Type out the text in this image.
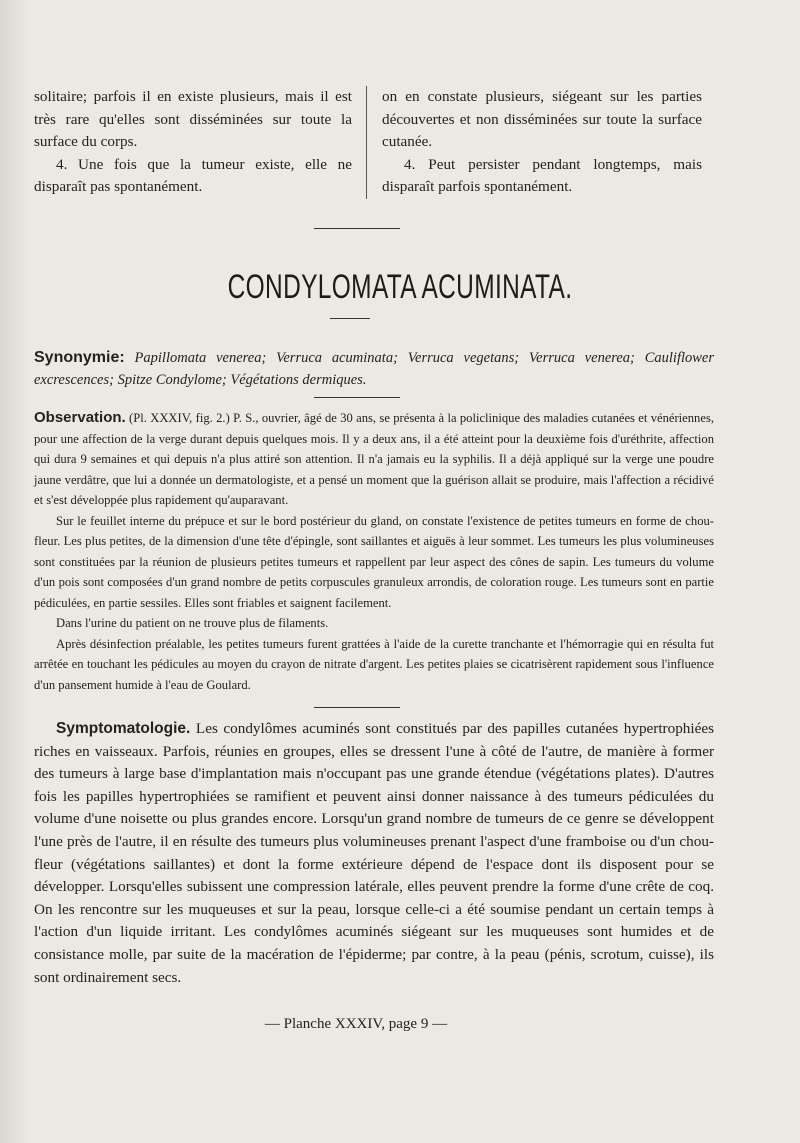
solitaire; parfois il en existe plusieurs, mais il est très rare qu'elles sont disséminées sur toute la surface du corps.

4. Une fois que la tumeur existe, elle ne disparaît pas spontanément.

on en constate plusieurs, siégeant sur les parties découvertes et non disséminées sur toute la surface cutanée.

4. Peut persister pendant longtemps, mais disparaît parfois spontanément.

CONDYLOMATA ACUMINATA.
Synonymie: Papillomata venerea; Verruca acuminata; Verruca vegetans; Verruca venerea; Cauliflower excrescences; Spitze Condylome; Végétations dermiques.

Observation. (Pl. XXXIV, fig. 2.) P. S., ouvrier, âgé de 30 ans, se présenta à la policlinique des maladies cutanées et vénériennes, pour une affection de la verge durant depuis quelques mois. Il y a deux ans, il a été atteint pour la deuxième fois d'uréthrite, affection qui dura 9 semaines et qui depuis n'a plus attiré son attention. Il n'a jamais eu la syphilis. Il a déjà appliqué sur la verge une poudre jaune verdâtre, que lui a donnée un dermatologiste, et a pensé un moment que la guérison allait se produire, mais l'affection a récidivé et s'est développée plus rapidement qu'auparavant.

Sur le feuillet interne du prépuce et sur le bord postérieur du gland, on constate l'existence de petites tumeurs en forme de chou-fleur. Les plus petites, de la dimension d'une tête d'épingle, sont saillantes et aiguës à leur sommet. Les tumeurs les plus volumineuses sont constituées par la réunion de plusieurs petites tumeurs et rappellent par leur aspect des cônes de sapin. Les tumeurs du volume d'un pois sont composées d'un grand nombre de petits corpuscules granuleux arrondis, de coloration rouge. Les tumeurs sont en partie pédiculées, en partie sessiles. Elles sont friables et saignent facilement.

Dans l'urine du patient on ne trouve plus de filaments.

Après désinfection préalable, les petites tumeurs furent grattées à l'aide de la curette tranchante et l'hémorragie qui en résulta fut arrêtée en touchant les pédicules au moyen du crayon de nitrate d'argent. Les petites plaies se cicatrisèrent rapidement sous l'influence d'un pansement humide à l'eau de Goulard.

Symptomatologie. Les condylômes acuminés sont constitués par des papilles cutanées hypertrophiées riches en vaisseaux. Parfois, réunies en groupes, elles se dressent l'une à côté de l'autre, de manière à former des tumeurs à large base d'implantation mais n'occupant pas une grande étendue (végétations plates). D'autres fois les papilles hypertrophiées se ramifient et peuvent ainsi donner naissance à des tumeurs pédiculées du volume d'une noisette ou plus grandes encore. Lorsqu'un grand nombre de tumeurs de ce genre se développent l'une près de l'autre, il en résulte des tumeurs plus volumineuses prenant l'aspect d'une framboise ou d'un chou-fleur (végétations saillantes) et dont la forme extérieure dépend de l'espace dont ils disposent pour se développer. Lorsqu'elles subissent une compression latérale, elles peuvent prendre la forme d'une crête de coq. On les rencontre sur les muqueuses et sur la peau, lorsque celle-ci a été soumise pendant un certain temps à l'action d'un liquide irritant. Les condylômes acuminés siégeant sur les muqueuses sont humides et de consistance molle, par suite de la macération de l'épiderme; par contre, à la peau (pénis, scrotum, cuisse), ils sont ordinairement secs.

— Planche XXXIV, page 9 —
